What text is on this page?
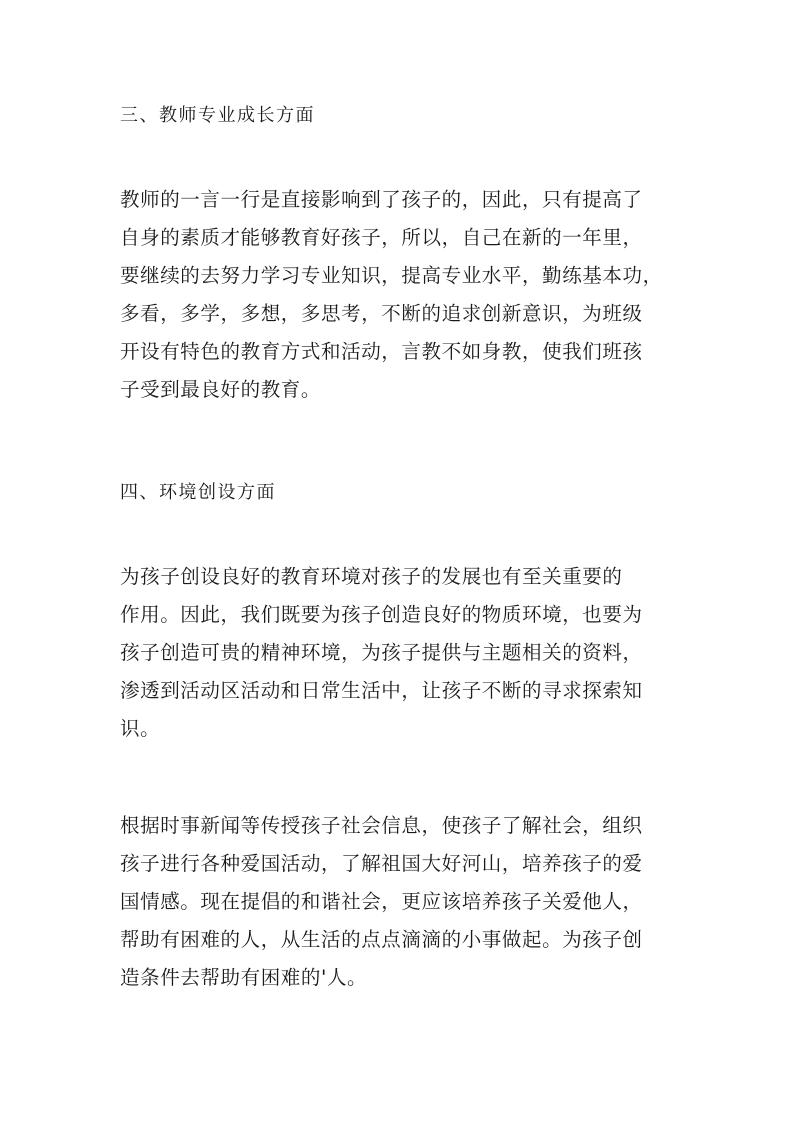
三、教师专业成长方面
教师的一言一行是直接影响到了孩子的，因此，只有提高了
自身的素质才能够教育好孩子，所以，自己在新的一年里，
要继续的去努力学习专业知识，提高专业水平，勤练基本功，
多看，多学，多想，多思考，不断的追求创新意识，为班级
开设有特色的教育方式和活动，言教不如身教，使我们班孩
子受到最良好的教育。
四、环境创设方面
为孩子创设良好的教育环境对孩子的发展也有至关重要的
作用。因此，我们既要为孩子创造良好的物质环境，也要为
孩子创造可贵的精神环境，为孩子提供与主题相关的资料，
渗透到活动区活动和日常生活中，让孩子不断的寻求探索知
识。
根据时事新闻等传授孩子社会信息，使孩子了解社会，组织
孩子进行各种爱国活动，了解祖国大好河山，培养孩子的爱
国情感。现在提倡的和谐社会，更应该培养孩子关爱他人，
帮助有困难的人，从生活的点点滴滴的小事做起。为孩子创
造条件去帮助有困难的'人。
